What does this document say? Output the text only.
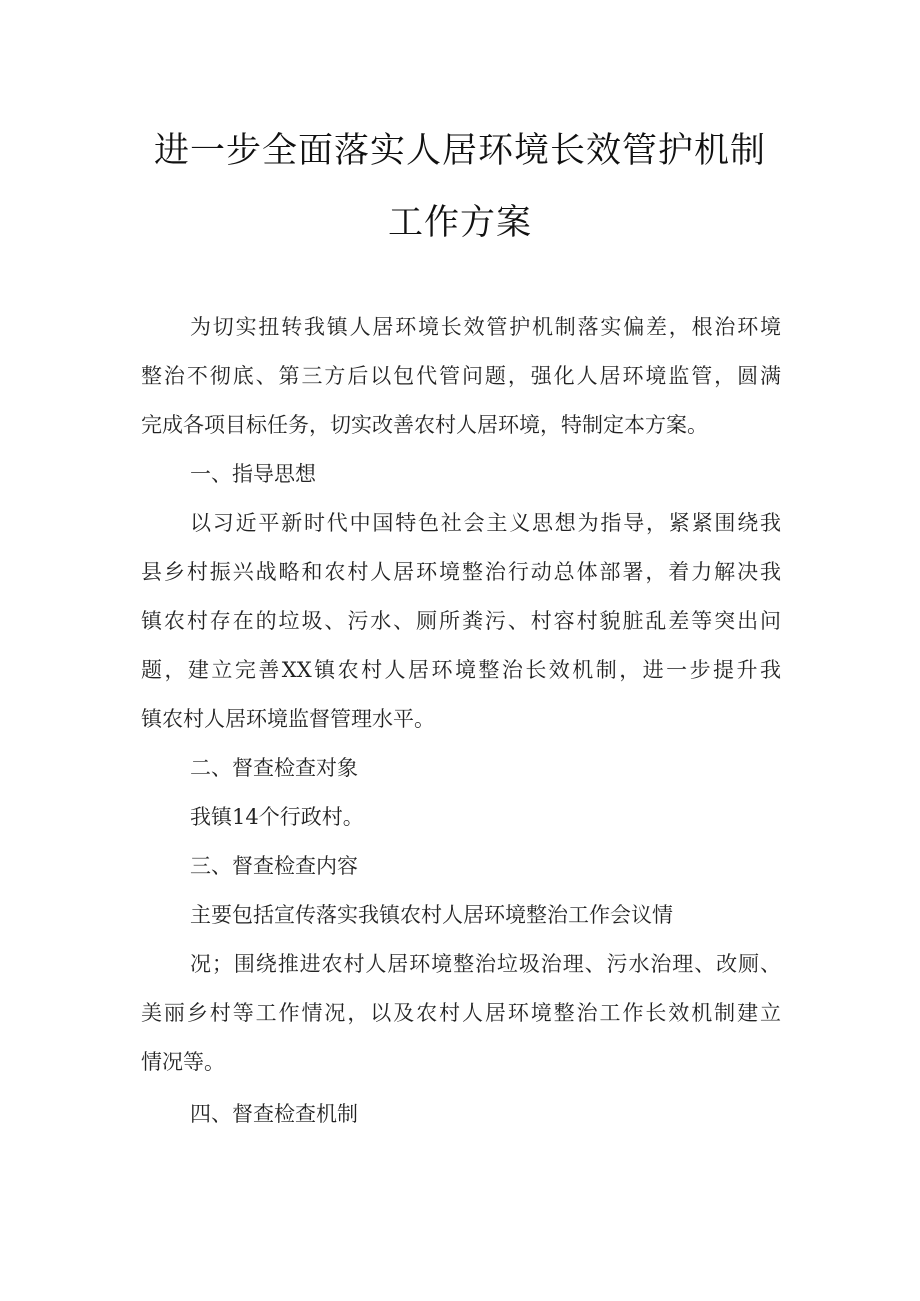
进一步全面落实人居环境长效管护机制
工作方案
为切实扭转我镇人居环境长效管护机制落实偏差，根治环境
整治不彻底、第三方后以包代管问题，强化人居环境监管，圆满
完成各项目标任务，切实改善农村人居环境，特制定本方案。
一、指导思想
以习近平新时代中国特色社会主义思想为指导，紧紧围绕我
县乡村振兴战略和农村人居环境整治行动总体部署，着力解决我
镇农村存在的垃圾、污水、厕所粪污、村容村貌脏乱差等突出问
题，建立完善XX镇农村人居环境整治长效机制，进一步提升我
镇农村人居环境监督管理水平。
二、督查检查对象
我镇14个行政村。
三、督查检查内容
主要包括宣传落实我镇农村人居环境整治工作会议情
况；围绕推进农村人居环境整治垃圾治理、污水治理、改厕、
美丽乡村等工作情况，以及农村人居环境整治工作长效机制建立
情况等。
四、督查检查机制
